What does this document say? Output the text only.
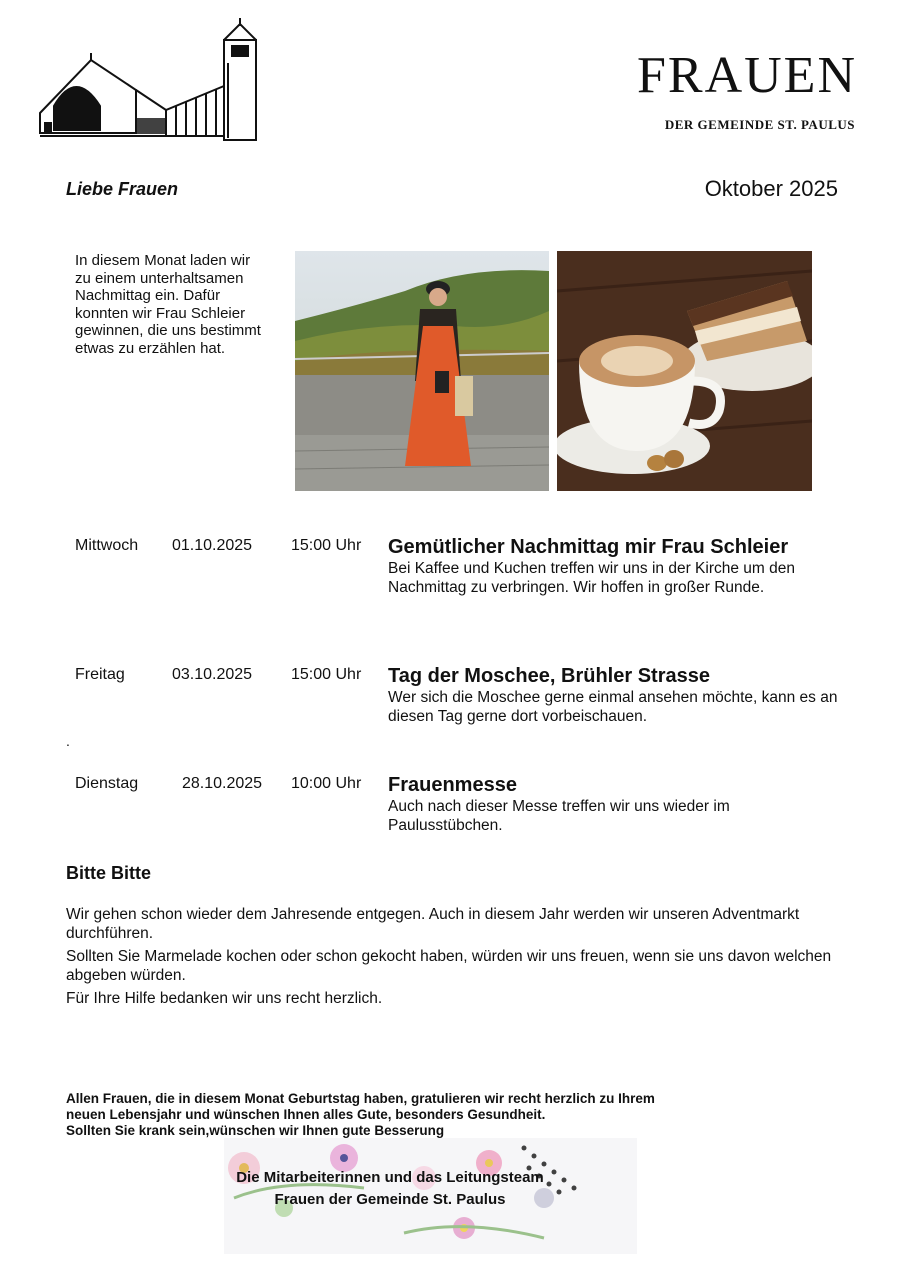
FRAUEN
DER GEMEINDE ST. PAULUS
Liebe Frauen	Oktober 2025
In diesem Monat laden wir zu einem unterhaltsamen Nachmittag ein. Dafür konnten wir Frau Schleier gewinnen, die uns bestimmt etwas zu erzählen hat.
Mittwoch 01.10.2025 15:00 Uhr Gemütlicher Nachmittag mir Frau Schleier
Bei Kaffee und Kuchen treffen wir uns in der Kirche um den Nachmittag zu verbringen. Wir hoffen in großer Runde.
Freitag	03.10.2025 15:00 Uhr Tag der Moschee, Brühler Strasse
Wer sich die Moschee gerne einmal ansehen möchte, kann es an diesen Tag gerne dort vorbeischauen.
.
Dienstag	28.10.2025 10:00 Uhr Frauenmesse
Auch nach dieser Messe treffen wir uns wieder im Paulusstübchen.
Bitte Bitte
Wir gehen schon wieder dem Jahresende entgegen. Auch in diesem Jahr werden wir unseren Adventmarkt durchführen.
Sollten Sie Marmelade kochen oder schon gekocht haben, würden wir uns freuen, wenn sie uns davon welchen abgeben würden.
Für Ihre Hilfe bedanken wir uns recht herzlich.
Allen Frauen, die in diesem Monat Geburtstag haben, gratulieren wir recht herzlich zu Ihrem
neuen Lebensjahr und wünschen Ihnen alles Gute, besonders Gesundheit.
Sollten Sie krank sein,wünschen wir Ihnen gute Besserung
Die Mitarbeiterinnen und das Leitungsteam
Frauen der Gemeinde St. Paulus
